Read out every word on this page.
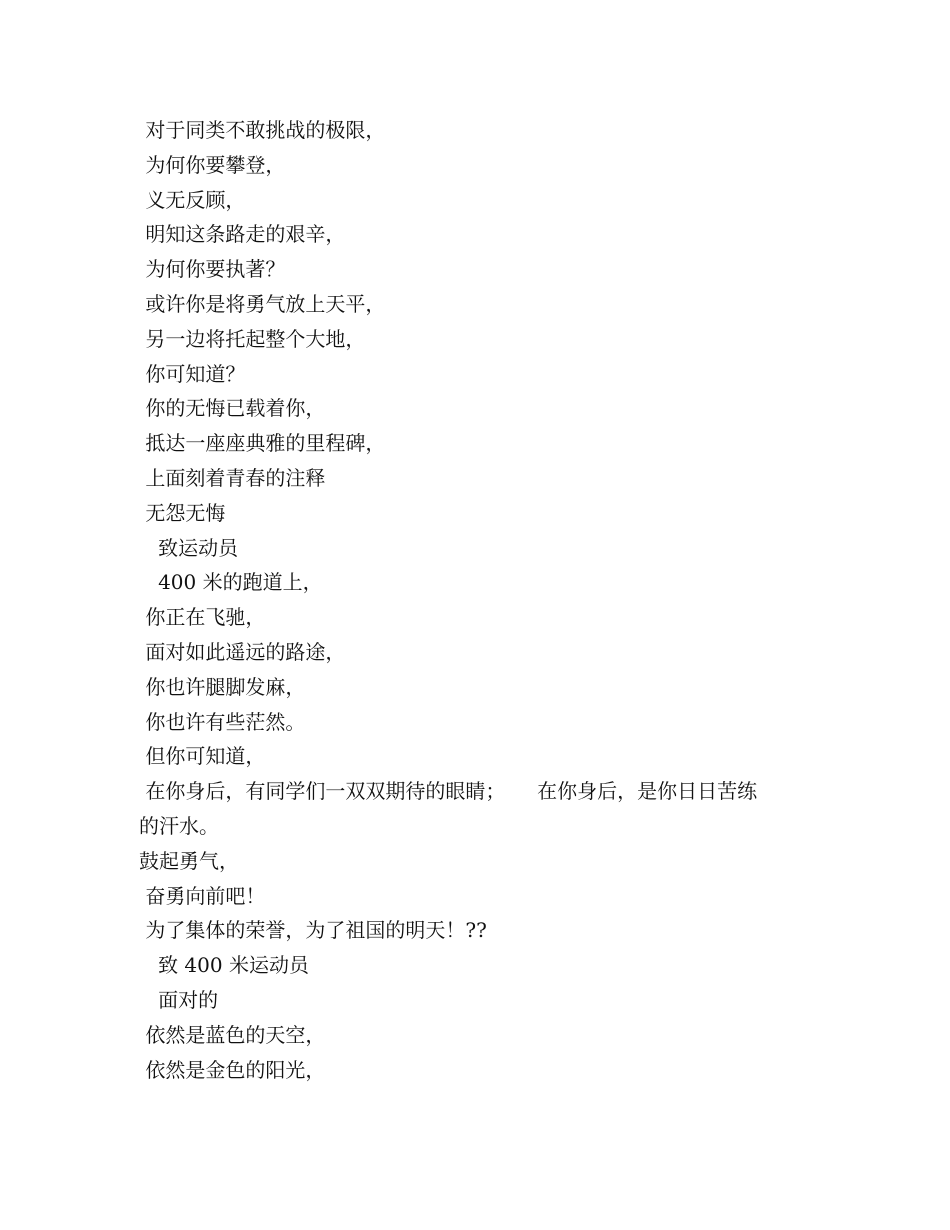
对于同类不敢挑战的极限，
为何你要攀登，
义无反顾，
明知这条路走的艰辛，
为何你要执著？
或许你是将勇气放上天平，
另一边将托起整个大地，
你可知道？
你的无悔已载着你，
抵达一座座典雅的里程碑，
上面刻着青春的注释
无怨无悔
致运动员
400 米的跑道上，
你正在飞驰，
面对如此遥远的路途，
你也许腿脚发麻，
你也许有些茫然。
但你可知道，
在你身后，有同学们一双双期待的眼睛；     在你身后，是你日日苦练
的汗水。
鼓起勇气，
奋勇向前吧！
为了集体的荣誉，为了祖国的明天！??
致 400 米运动员
面对的
依然是蓝色的天空，
依然是金色的阳光，
